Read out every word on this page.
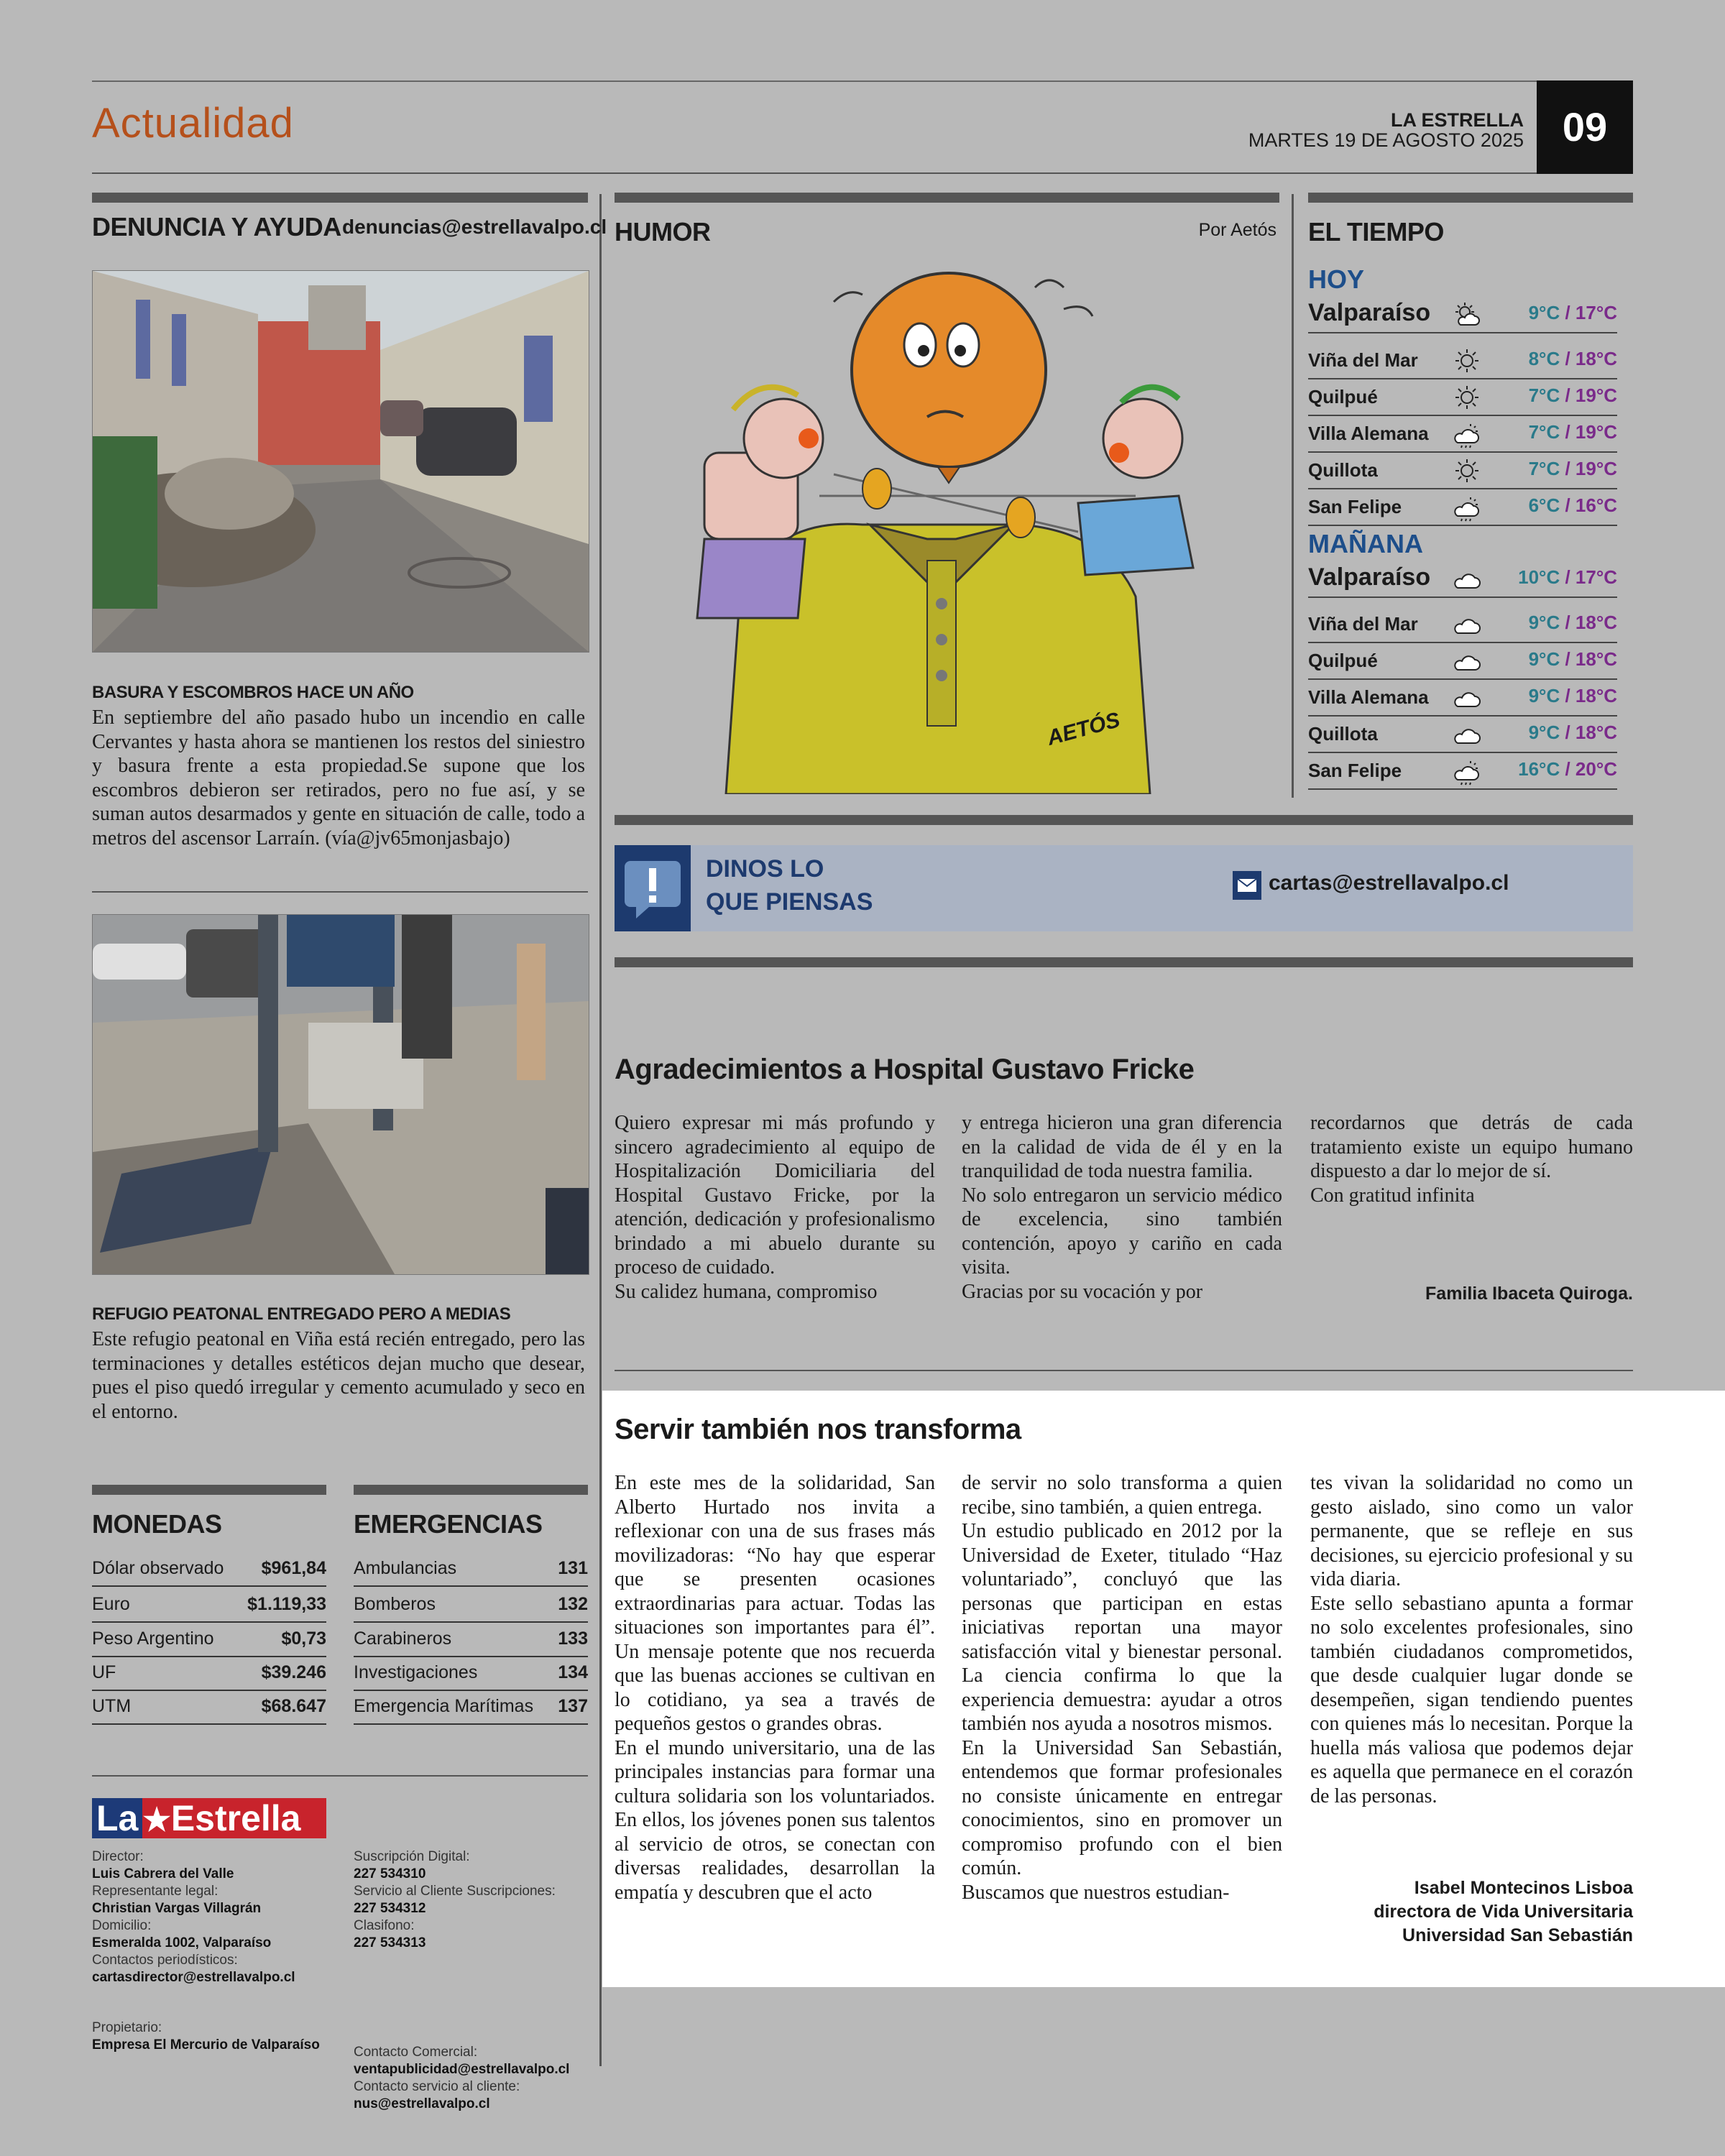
Actualidad	LA ESTRELLA
MARTES 19 DE AGOSTO 2025 09
DENUNCIA Y AYUDA denuncias@estrellavalpo.cl
BASURA Y ESCOMBROS HACE UN AÑO
En septiembre del año pasado hubo un incendio en calle Cervantes y hasta ahora se mantienen los restos del siniestro y basura frente a esta propiedad.Se supone que los escombros debieron ser retirados, pero no fue así, y se suman autos desarmados y gente en situación de calle, todo a metros del ascensor Larraín. (vía@jv65monjasbajo)
REFUGIO PEATONAL ENTREGADO PERO A MEDIAS
Este refugio peatonal en Viña está recién entregado, pero las terminaciones y detalles estéticos dejan mucho que desear, pues el piso quedó irregular y cemento acumulado y seco en el entorno.
MONEDAS
Dólar observado $961,84
Euro	$1.119,33
Peso Argentino	$0,73
UF	$39.246
UTM	$68.647
EMERGENCIAS
Ambulancias	131
Bomberos	132
Carabineros	133
Investigaciones	134
Emergencia Marítimas 137
La ★Estrella
Director:
Luis Cabrera del Valle
Representante legal:
Christian Vargas Villagrán
Domicilio:
Esmeralda 1002, Valparaíso
Contactos periodísticos:
cartasdirector@estrellavalpo.cl
Propietario:
Empresa El Mercurio de Valparaíso
Suscripción Digital:
227 534310
Servicio al Cliente Suscripciones:
227 534312
Clasifono:
227 534313
Contacto Comercial:
ventapublicidad@estrellavalpo.cl
Contacto servicio al cliente:
nus@estrellavalpo.cl
HUMOR	Por Aetós
AETÓS
EL TIEMPO
HOY
Valparaíso	9°C / 17°C
Viña del Mar	8°C / 18°C
Quilpué	7°C / 19°C
Villa Alemana	7°C / 19°C
Quillota	7°C / 19°C
San Felipe	6°C / 16°C
MAÑANA
Valparaíso	10°C / 17°C
Viña del Mar	9°C / 18°C
Quilpué	9°C / 18°C
Villa Alemana	9°C / 18°C
Quillota	9°C / 18°C
San Felipe	16°C / 20°C
DINOS LO
QUE PIENSAS
cartas@estrellavalpo.cl
Agradecimientos a Hospital Gustavo Fricke
Quiero expresar mi más profundo y sincero agradecimiento al equipo de Hospitalización Domiciliaria del Hospital Gustavo Fricke, por la atención, dedicación y profesionalismo brindado a mi abuelo durante su proceso de cuidado.
Su calidez humana, compromiso
y entrega hicieron una gran diferencia en la calidad de vida de él y en la tranquilidad de toda nuestra familia.
No solo entregaron un servicio médico de excelencia, sino también contención, apoyo y cariño en cada visita.
Gracias por su vocación y por
recordarnos que detrás de cada tratamiento existe un equipo humano dispuesto a dar lo mejor de sí.
Con gratitud infinita
Familia Ibaceta Quiroga.
Servir también nos transforma
En este mes de la solidaridad, San Alberto Hurtado nos invita a reflexionar con una de sus frases más movilizadoras: “No hay que esperar que se presenten ocasiones extraordinarias para actuar. Todas las situaciones son importantes para él”. Un mensaje potente que nos recuerda que las buenas acciones se cultivan en lo cotidiano, ya sea a través de pequeños gestos o grandes obras.
En el mundo universitario, una de las principales instancias para formar una cultura solidaria son los voluntariados. En ellos, los jóvenes ponen sus talentos al servicio de otros, se conectan con diversas realidades, desarrollan la empatía y descubren que el acto
de servir no solo transforma a quien recibe, sino también, a quien entrega.
Un estudio publicado en 2012 por la Universidad de Exeter, titulado “Haz voluntariado”, concluyó que las personas que participan en estas iniciativas reportan una mayor satisfacción vital y bienestar personal. La ciencia confirma lo que la experiencia demuestra: ayudar a otros también nos ayuda a nosotros mismos.
En la Universidad San Sebastián, entendemos que formar profesionales no consiste únicamente en entregar conocimientos, sino en promover un compromiso profundo con el bien común.
Buscamos que nuestros estudian-
tes vivan la solidaridad no como un gesto aislado, sino como un valor permanente, que se refleje en sus decisiones, su ejercicio profesional y su vida diaria.
Este sello sebastiano apunta a formar no solo excelentes profesionales, sino también ciudadanos comprometidos, que desde cualquier lugar donde se desempeñen, sigan tendiendo puentes con quienes más lo necesitan. Porque la huella más valiosa que podemos dejar es aquella que permanece en el corazón de las personas.
Isabel Montecinos Lisboa
directora de Vida Universitaria
Universidad San Sebastián
